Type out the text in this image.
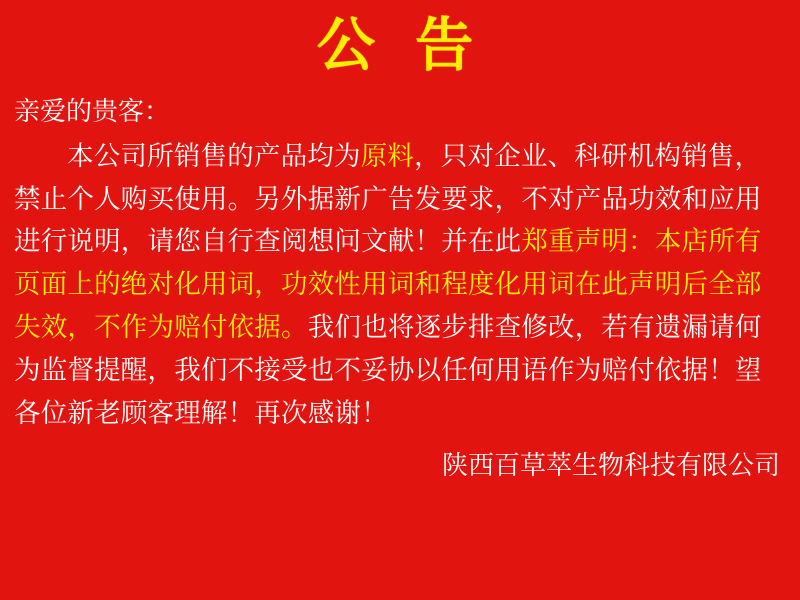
公 告
亲爱的贵客：
本公司所销售的产品均为原料，只对企业、科研机构销售，禁止个人购买使用。另外据新广告发要求，不对产品功效和应用进行说明，请您自行查阅想问文献！并在此郑重声明：本店所有页面上的绝对化用词，功效性用词和程度化用词在此声明后全部失效，不作为赔付依据。我们也将逐步排查修改，若有遗漏请何为监督提醒，我们不接受也不妥协以任何用语作为赔付依据！望各位新老顾客理解！再次感谢！
陕西百草萃生物科技有限公司
